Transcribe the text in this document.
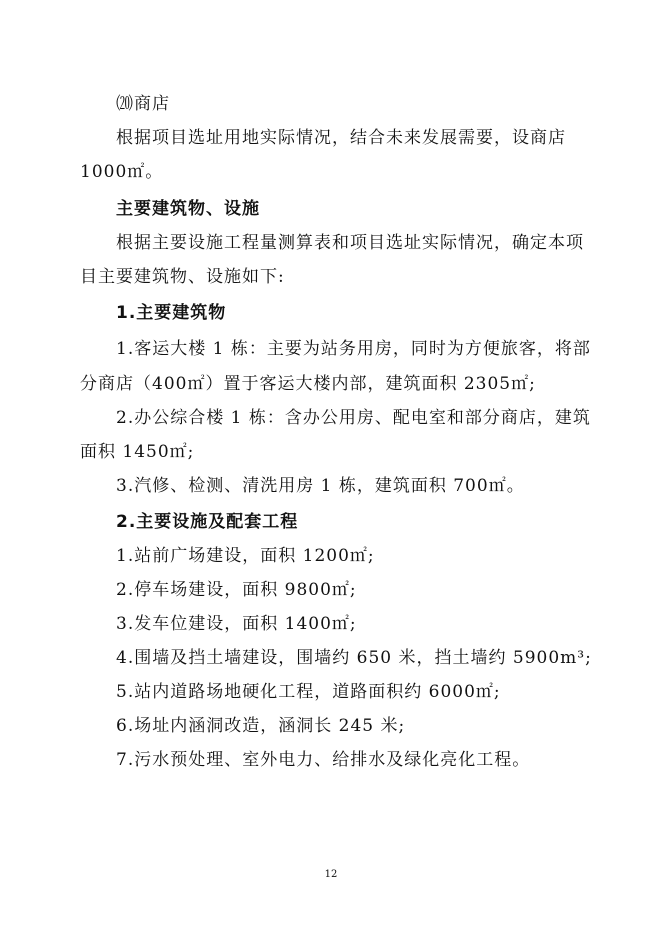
⒇商店
根据项目选址用地实际情况，结合未来发展需要，设商店
1000㎡。
主要建筑物、设施
根据主要设施工程量测算表和项目选址实际情况，确定本项
目主要建筑物、设施如下:
1.主要建筑物
1.客运大楼 1 栋：主要为站务用房，同时为方便旅客，将部
分商店（400㎡）置于客运大楼内部，建筑面积 2305㎡;
2.办公综合楼 1 栋：含办公用房、配电室和部分商店，建筑
面积 1450㎡;
3.汽修、检测、清洗用房 1 栋，建筑面积 700㎡。
2.主要设施及配套工程
1.站前广场建设，面积 1200㎡;
2.停车场建设，面积 9800㎡;
3.发车位建设，面积 1400㎡;
4.围墙及挡土墙建设，围墙约 650 米，挡土墙约 5900m³;
5.站内道路场地硬化工程，道路面积约 6000㎡;
6.场址内涵洞改造，涵洞长 245 米;
7.污水预处理、室外电力、给排水及绿化亮化工程。
12
